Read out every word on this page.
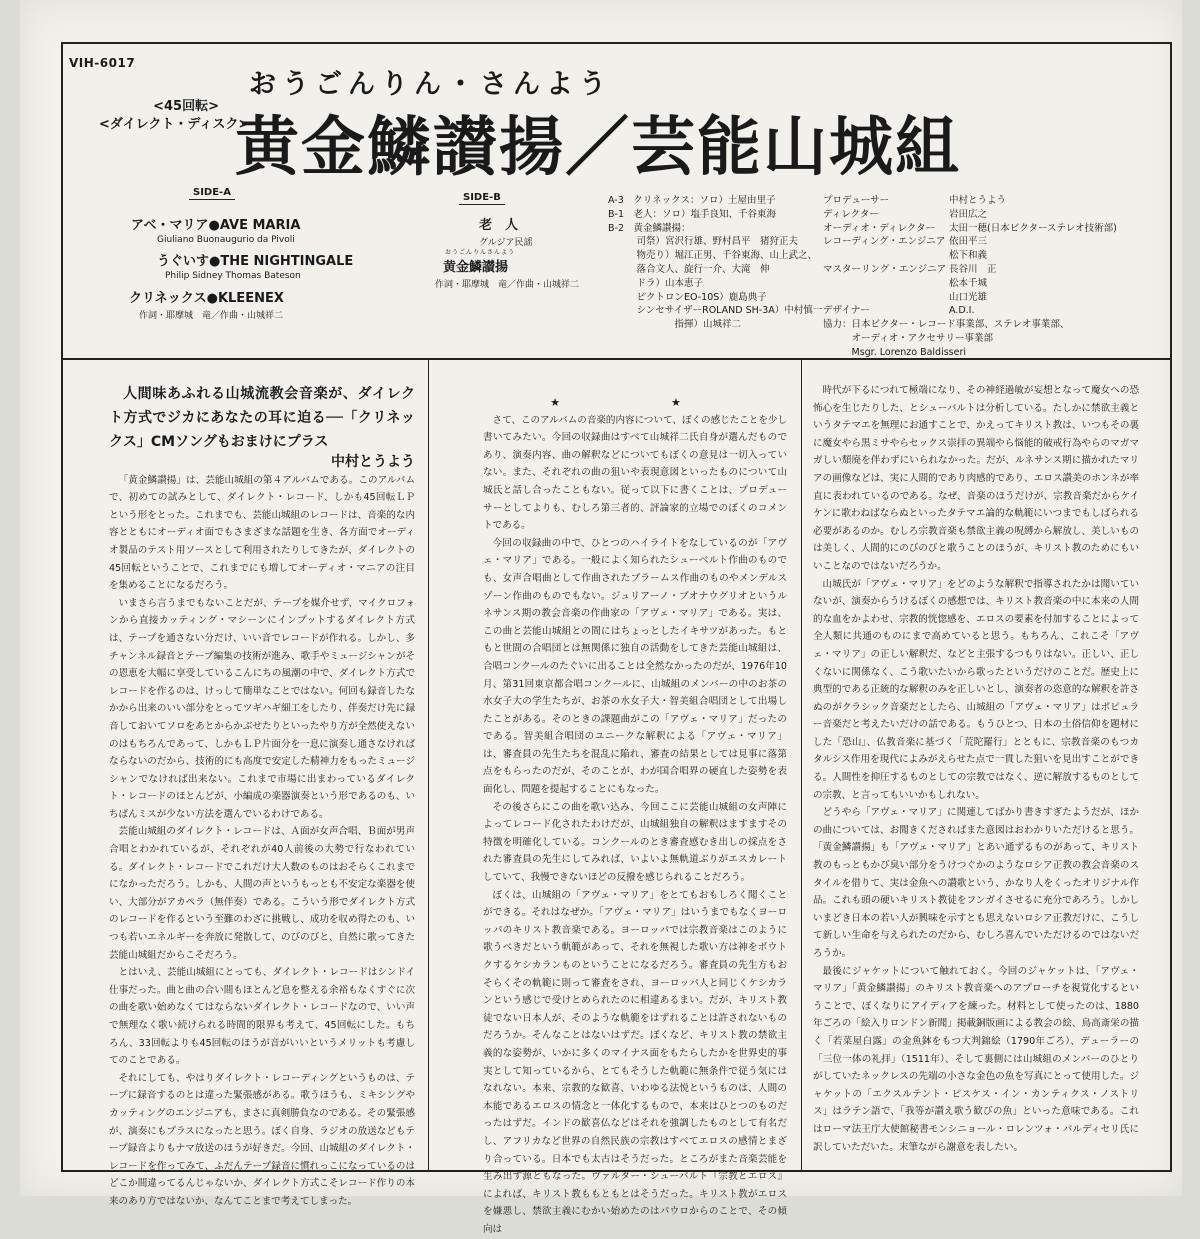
VIH-6017
<45回転>
<ダイレクト・ディスク>
おうごんりん・さんよう
黄金鱗讃揚／芸能山城組
SIDE-A
アベ・マリア●AVE MARIA
Giuliano Buonaugurio da Pivoli
うぐいす●THE NIGHTINGALE
Philip Sidney Thomas Bateson
クリネックス●KLEENEX
作詞・耶摩城　竜／作曲・山城祥二
SIDE-B
老　人
グルジア民謡
おうごんりんさんよう
黄金鱗讃揚
作詞・耶摩城　竜／作曲・山城祥二
A-3　クリネックス：ソロ）土屋由里子
B-1　老人：ソロ）塩手良知、千谷東海
B-2　黄金鱗讃揚：
　　　司祭）宮沢行雄、野村昌平　猪狩正夫
　　　物売り）堀江正男、千谷東海、山上武之、
　　　落合文人、旋行一介、大滝　伸
　　　ドラ）山本恵子
　　　ピクトロンEO-10S）鹿島典子
　　　シンセサイザーROLAND SH-3A）中村慎一
　　　　　　　指揮）山城祥二
プロデューサー	中村とうよう
ディレクター	岩田広之
オーディオ・ディレクター	太田一穂(日本ビクターステレオ技術部)
レコーディング・エンジニア 依田平三
松下和義
マスターリング・エンジニア 長谷川　正
松本千城
山口光雄
デザイナー	A.D.I.
協力：日本ビクター・レコード事業部、ステレオ事業部、
　　　オーディオ・アクセサリー事業部
　　　Msgr. Lorenzo Baldisseri

人間味あふれる山城流教会音楽が、ダイレクト方式でジカにあなたの耳に迫る──「クリネックス」CMソングもおまけにプラス

中村とうよう

「黄金鱗讃揚」は、芸能山城組の第４アルバムである。このアルバムで、初めての試みとして、ダイレクト・レコード、しかも45回転ＬＰという形をとった。これまでも、芸能山城組のレコードは、音楽的な内容とともにオーディオ面でもさまざまな話題を生き、各方面でオーディオ製品のテスト用ソースとして利用されたりしてきたが、ダイレクトの45回転ということで、これまでにも増してオーディオ・マニアの注目を集めることになるだろう。

いまさら言うまでもないことだが、テープを媒介せず、マイクロフォンから直接カッティング・マシーンにインプットするダイレクト方式は、テープを通さない分だけ、いい音でレコードが作れる。しかし、多チャンネル録音とテープ編集の技術が進み、歌手やミュージシャンがその恩恵を大幅に享受しているこんにちの風潮の中で、ダイレクト方式でレコードを作るのは、けっして簡単なことではない。何回も録音したなかから出来のいい部分をとってツギハギ細工をしたり、伴奏だけ先に録音しておいてソロをあとからかぶせたりといったやり方が全然使えないのはもちろんであって、しかもＬＰ片面分を一息に演奏し通さなければならないのだから、技術的にも高度で安定した精神力をもったミュージシャンでなければ出来ない。これまで市場に出まわっているダイレクト・レコードのほとんどが、小編成の楽器演奏という形であるのも、いちばんミスが少ない方法を選んでいるわけである。

芸能山城組のダイレクト・レコードは、Ａ面が女声合唱、Ｂ面が男声合唱とわかれているが、それぞれが40人前後の大勢で行なわれている。ダイレクト・レコードでこれだけ大人数のものはおそらくこれまでになかっただろう。しかも、人間の声というもっとも不安定な楽器を使い、大部分がアカペラ（無伴奏）である。こういう形でダイレクト方式のレコードを作るという至難のわざに挑戦し、成功を収め得たのも、いつも若いエネルギーを奔放に発散して、のびのびと、自然に歌ってきた芸能山城組だからこそだろう。

とはいえ、芸能山城組にとっても、ダイレクト・レコードはシンドイ仕事だった。曲と曲の合い間もほとんど息を整える余裕もなくすぐに次の曲を歌い始めなくてはならないダイレクト・レコードなので、いい声で無理なく歌い続けられる時間的限界も考えて、45回転にした。もちろん、33回転よりも45回転のほうが音がいいというメリットも考慮してのことである。

それにしても、やはりダイレクト・レコーディングというものは、テープに録音するのとは違った緊張感がある。歌うほうも、ミキシングやカッティングのエンジニアも、まさに真剣勝負なのである。その緊張感が、演奏にもプラスになったと思う。ぼく自身、ラジオの放送などもテープ録音よりもナマ放送のほうが好きだ。今回、山城組のダイレクト・レコードを作ってみて、ふだんテープ録音に慣れっこになっているのはどこか間違ってるんじゃないか、ダイレクト方式こそレコード作りの本来のあり方ではないか、なんてことまで考えてしまった。

★　★

さて、このアルバムの音楽的内容について、ぼくの感じたことを少し書いてみたい。今回の収録曲はすべて山城祥二氏自身が選んだものであり、演奏内容、曲の解釈などについてもぼくの意見は一切入っていない。また、それぞれの曲の狙いや表現意図といったものについて山城氏と話し合ったこともない。従って以下に書くことは、プロデューサーとしてよりも、むしろ第三者的、評論家的立場でのぼくのコメントである。

今回の収録曲の中で、ひとつのハイライトをなしているのが「アヴェ・マリア」である。一般によく知られたシューベルト作曲のものでも、女声合唱曲として作曲されたブラームス作曲のものやメンデルスゾーン作曲のものでもない。ジュリアーノ・ブオナウグリオというルネサンス期の教会音楽の作曲家の「アヴェ・マリア」である。実は、この曲と芸能山城組との間にはちょっとしたイキサツがあった。もともと世間の合唱団とは無関係に独自の活動をしてきた芸能山城組は、合唱コンクールのたぐいに出ることは全然なかったのだが、1976年10月、第31回東京都合唱コンクールに、山城組のメンバーの中のお茶の水女子大の学生たちが、お茶の水女子大・智美組合唱団として出場したことがある。そのときの課題曲がこの「アヴェ・マリア」だったのである。智美組合唱団のユニークな解釈による「アヴェ・マリア」は、審査員の先生たちを混乱に陥れ、審査の結果としては見事に落第点をもらったのだが、そのことが、わが国合唱界の硬直した姿勢を表面化し、問題を提起することにもなった。

その後さらにこの曲を歌い込み、今回ここに芸能山城組の女声陣によってレコード化されたわけだが、山城組独自の解釈はますますその特徴を明確化している。コンクールのとき審査感むき出しの採点をされた審査員の先生にしてみれば、いよいよ無軌道ぶりがエスカレートしていて、我慢できないほどの反撥を感じられることだろう。

ぼくは、山城組の「アヴェ・マリア」をとてもおもしろく聞くことができる。それはなぜか。「アヴェ・マリア」はいうまでもなくヨーロッパのキリスト教音楽である。ヨーロッパでは宗教音楽はこのように歌うべきだという軌範があって、それを無視した歌い方は神をボウトクするケシカランものということになるだろう。審査員の先生方もおそらくその軌範に則って審査をされ、ヨーロッパ人と同じくケシカランという感じで受けとめられたのに相違あるまい。だが、キリスト教徒でない日本人が、そのような軌範をはずれることは許されないものだろうか。そんなことはないはずだ。ぼくなど、キリスト教の禁欲主義的な姿勢が、いかに多くのマイナス面をもたらしたかを世界史的事実として知っているから、とてもそうした軌範に無条件で従う気にはなれない。本来、宗教的な歓喜、いわゆる法悦というものは、人間の本能であるエロスの情念と一体化するもので、本来はひとつのものだったはずだ。インドの歓喜仏などはそれを強調したものとして有名だし、アフリカなど世界の自然民族の宗教はすべてエロスの感情とまざり合っている。日本でも太古はそうだった。ところがまた音楽芸能を生み出す源ともなった。ヴァルター・シューバルト『宗教とエロス』によれば、キリスト教ももともとはそうだった。キリスト教がエロスを嫌悪し、禁欲主義にむかい始めたのはパウロからのことで、その傾向は

時代が下るにつれて極端になり、その神経過敏が妄想となって魔女への恐怖心を生じたりした、とシューバルトは分析している。たしかに禁欲主義というタテマエを無理にお通すことで、かえってキリスト教は、いつもその裏に魔女やら黒ミサやらセックス崇拝の異端やら悩能的破戒行為やらのマガマガしい頽廃を伴わずにいられなかった。だが、ルネサンス期に描かれたマリアの画像などは、実に人間的であり肉感的であり、エロス讃美のホンネが率直に表われているのである。なぜ、音楽のほうだけが、宗教音楽だからケイケンに歌わねばならぬといったタテマエ論的な軌範にいつまでもしばられる必要があるのか。むしろ宗教音楽も禁欲主義の呪縛から解放し、美しいものは美しく、人間的にのびのびと歌うことのほうが、キリスト教のためにもいいことなのではないだろうか。

山城氏が「アヴェ・マリア」をどのような解釈で指導されたかは聞いていないが、演奏からうけるぼくの感想では、キリスト教音楽の中に本来の人間的な血をかよわせ、宗教的恍惚感を、エロスの要素を付加することによって全人類に共通のものにまで高めていると思う。もちろん、これこそ「アヴェ・マリア」の正しい解釈だ、などと主張するつもりはない。正しい、正しくないに関係なく、こう歌いたいから歌ったというだけのことだ。歴史上に典型的である正統的な解釈のみを正しいとし、演奏者の恣意的な解釈を許さぬのがクラシック音楽だとしたら、山城組の「アヴェ・マリア」はポピュラー音楽だと考えたいだけの話である。もうひとつ、日本の土俗信仰を題材にした「恐山」、仏教音楽に基づく「荒陀羅行」とともに、宗教音楽のもつカタルシス作用を現代によみがえらせた点で一貫した狙いを見出すことができる。人間性を抑圧するものとしての宗教ではなく、逆に解放するものとしての宗教、と言ってもいいかもしれない。

どうやら「アヴェ・マリア」に関連してばかり書きすぎたようだが、ほかの曲については、お聞きくださればまた意図はおわかりいただけると思う。「黄金鱗讃揚」も「アヴェ・マリア」とあい通ずるものがあって、キリスト教のもっともかび臭い部分をうけつぐかのようなロシア正教の教会音楽のスタイルを借りて、実は金魚への讃歌という、かなり人をくったオリジナル作品。これも頭の硬いキリスト教徒をフンガイさせるに充分であろう。しかしいまどき日本の若い人が興味を示すとも思えないロシア正教だけに、こうして新しい生命を与えられたのだから、むしろ喜んでいただけるのではないだろうか。

最後にジャケットについて触れておく。今回のジャケットは、「アヴェ・マリア」「黄金鱗讃揚」のキリスト教音楽へのアプローチを視覚化するということで、ぼくなりにアイディアを練った。材料として使ったのは、1880年ごろの「絵入りロンドン新聞」掲載銅版画による教会の絵、鳥高斎栄の描く「若菜屋白露」の金魚鉢をもつ大判錦絵（1790年ごろ）、デューラーの「三位一体の礼拝」（1511年）、そして裏側には山城組のメンバーのひとりがしていたネックレスの先端の小さな金色の魚を写真にとって使用した。ジャケットの「エクスルテント・ピスケス・イン・カンティクス・ノストリス」はラテン語で、「我等が讃え歌う歓びの魚」といった意味である。これはローマ法王庁大使館秘書モンシニョール・ロレンツォ・バルディセリ氏に訳していただいた。末筆ながら謝意を表したい。
